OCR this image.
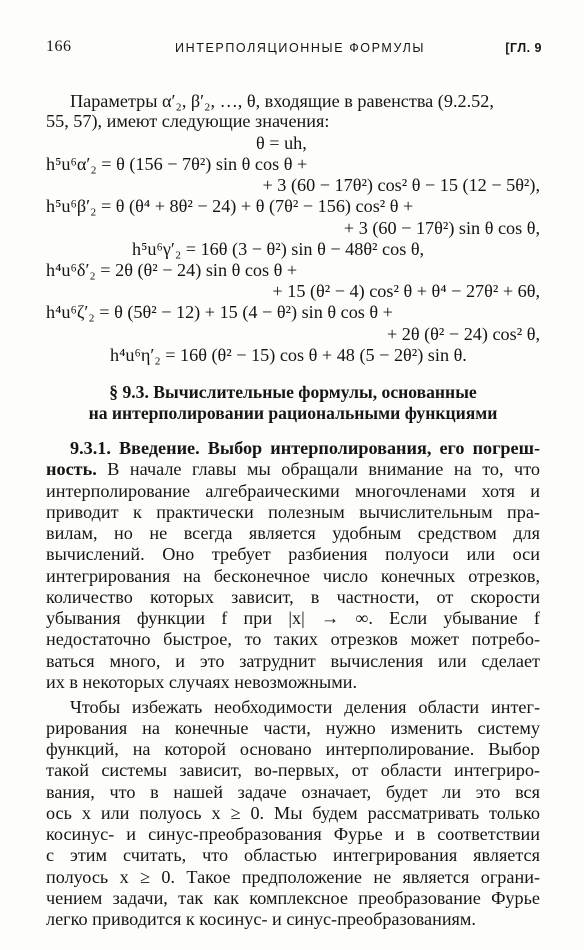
166	ИНТЕРПОЛЯЦИОННЫЕ ФОРМУЛЫ	[ГЛ. 9
Параметры α′₂, β′₂, …, θ, входящие в равенства (9.2.52,
55, 57), имеют следующие значения:
θ = uh,
h⁵u⁶α′₂ = θ (156 − 7θ²) sin θ cos θ +
+ 3 (60 − 17θ²) cos² θ − 15 (12 − 5θ²),
h⁵u⁶β′₂ = θ (θ⁴ + 8θ² − 24) + θ (7θ² − 156) cos² θ +
+ 3 (60 − 17θ²) sin θ cos θ,
h⁵u⁶γ′₂ = 16θ (3 − θ²) sin θ − 48θ² cos θ,
h⁴u⁶δ′₂ = 2θ (θ² − 24) sin θ cos θ +
+ 15 (θ² − 4) cos² θ + θ⁴ − 27θ² + 6θ,
h⁴u⁶ζ′₂ = θ (5θ² − 12) + 15 (4 − θ²) sin θ cos θ +
+ 2θ (θ² − 24) cos² θ,
h⁴u⁶η′₂ = 16θ (θ² − 15) cos θ + 48 (5 − 2θ²) sin θ.
§ 9.3. Вычислительные формулы, основанные
на интерполировании рациональными функциями
9.3.1. Введение. Выбор интерполирования, его погреш-
ность. В начале главы мы обращали внимание на то, что
интерполирование алгебраическими многочленами хотя и
приводит к практически полезным вычислительным пра-
вилам, но не всегда является удобным средством для
вычислений. Оно требует разбиения полуоси или оси
интегрирования на бесконечное число конечных отрезков,
количество которых зависит, в частности, от скорости
убывания функции f при |x| → ∞. Если убывание f
недостаточно быстрое, то таких отрезков может потребо-
ваться много, и это затруднит вычисления или сделает
их в некоторых случаях невозможными.
Чтобы избежать необходимости деления области интег-
рирования на конечные части, нужно изменить систему
функций, на которой основано интерполирование. Выбор
такой системы зависит, во-первых, от области интегриро-
вания, что в нашей задаче означает, будет ли это вся
ось x или полуось x ≥ 0. Мы будем рассматривать только
косинус- и синус-преобразования Фурье и в соответствии
с этим считать, что областью интегрирования является
полуось x ≥ 0. Такое предположение не является ограни-
чением задачи, так как комплексное преобразование Фурье
легко приводится к косинус- и синус-преобразованиям.
